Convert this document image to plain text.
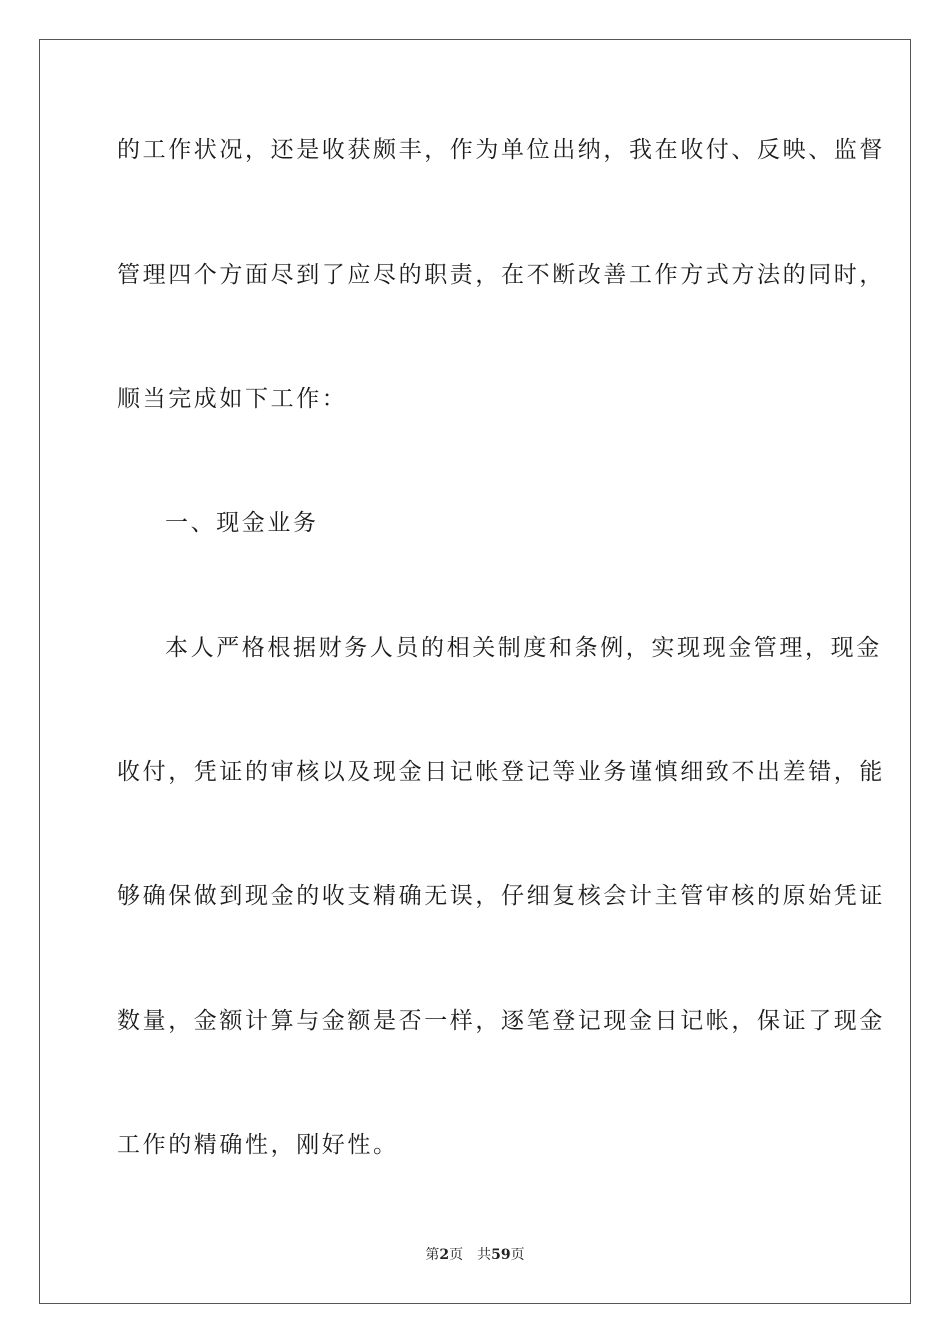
的工作状况，还是收获颇丰，作为单位出纳，我在收付、反映、监督
管理四个方面尽到了应尽的职责，在不断改善工作方式方法的同时，
顺当完成如下工作：
一、现金业务
本人严格根据财务人员的相关制度和条例，实现现金管理，现金
收付，凭证的审核以及现金日记帐登记等业务谨慎细致不出差错，能
够确保做到现金的收支精确无误，仔细复核会计主管审核的原始凭证
数量，金额计算与金额是否一样，逐笔登记现金日记帐，保证了现金
工作的精确性，刚好性。
第2页 共59页
